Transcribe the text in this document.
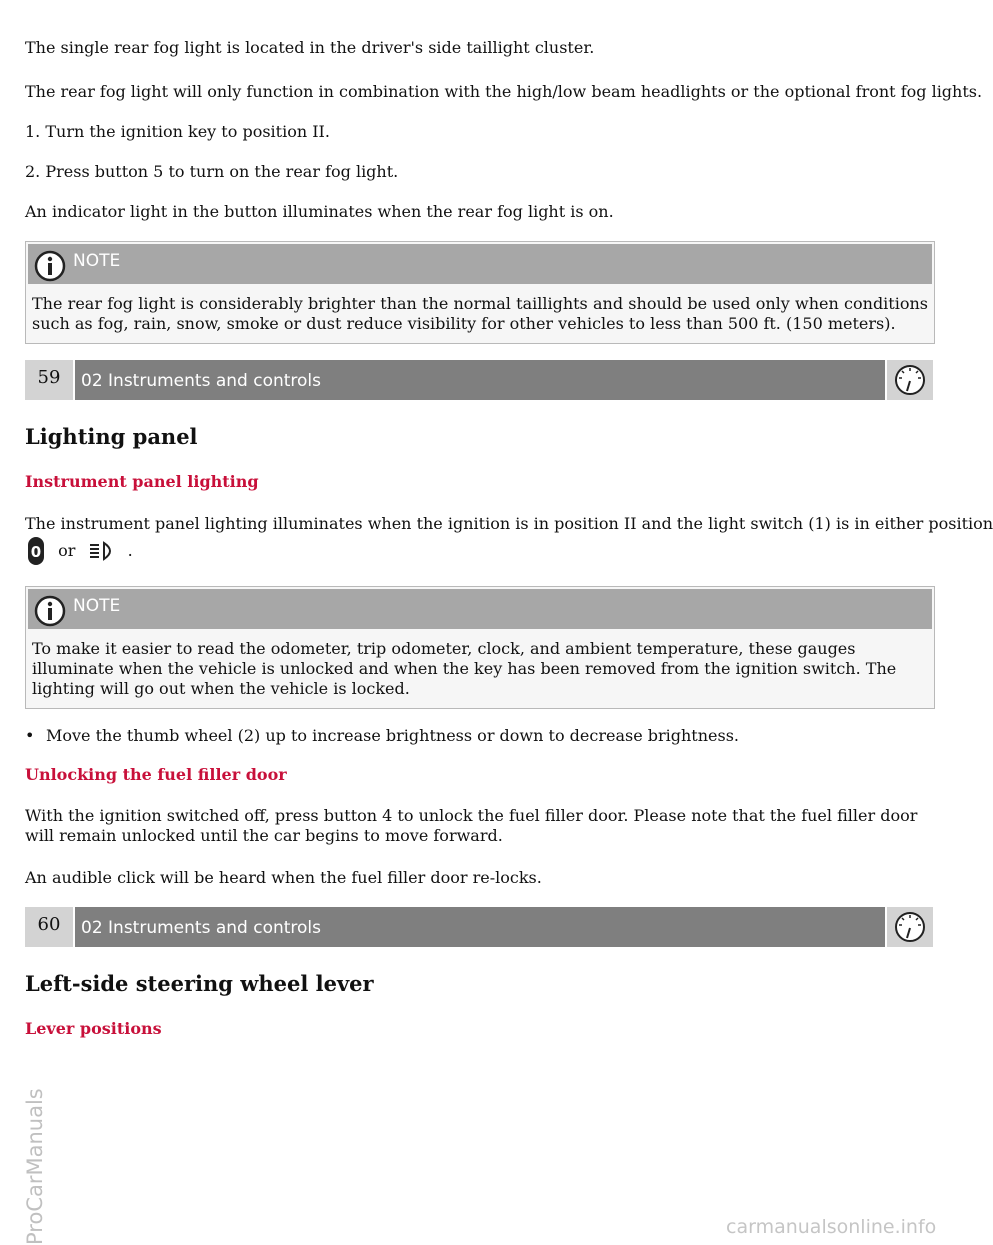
The single rear fog light is located in the driver's side taillight cluster.

The rear fog light will only function in combination with the high/low beam headlights or the optional front fog lights.

1. Turn the ignition key to position II.

2. Press button 5 to turn on the rear fog light.

An indicator light in the button illuminates when the rear fog light is on.

NOTE
The rear fog light is considerably brighter than the normal taillights and should be used only when conditions such as fog, rain, snow, smoke or dust reduce visibility for other vehicles to less than 500 ft. (150 meters).
59	02 Instruments and controls
Lighting panel
Instrument panel lighting

The instrument panel lighting illuminates when the ignition is in position II and the light switch (1) is in either position

0 or	.
NOTE
To make it easier to read the odometer, trip odometer, clock, and ambient temperature, these gauges illuminate when the vehicle is unlocked and when the key has been removed from the ignition switch. The lighting will go out when the vehicle is locked.
• Move the thumb wheel (2) up to increase brightness or down to decrease brightness.
Unlocking the fuel filler door

With the ignition switched off, press button 4 to unlock the fuel filler door. Please note that the fuel filler door will remain unlocked until the car begins to move forward.

An audible click will be heard when the fuel filler door re-locks.

60	02 Instruments and controls
Left-side steering wheel lever
Lever positions
ProCarManuals	carmanualsonline.info
